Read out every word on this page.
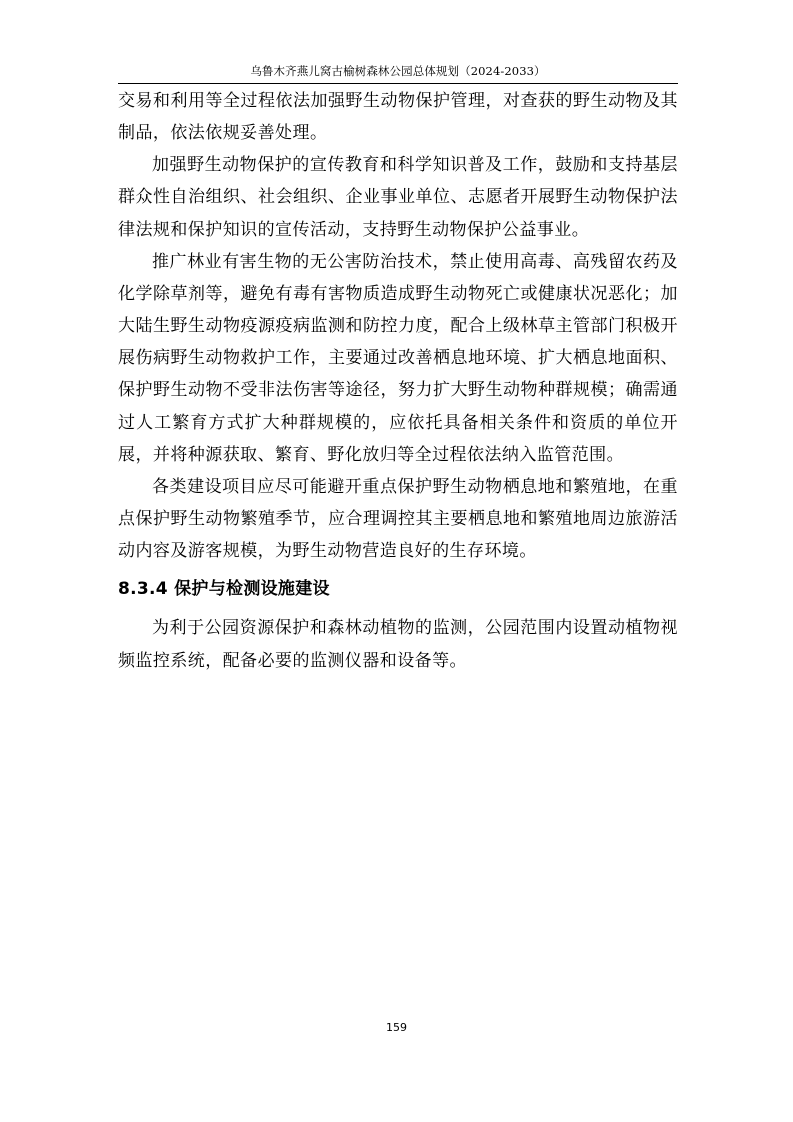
乌鲁木齐燕儿窝古榆树森林公园总体规划（2024-2033）

交易和利用等全过程依法加强野生动物保护管理，对查获的野生动物及其制品，依法依规妥善处理。

加强野生动物保护的宣传教育和科学知识普及工作，鼓励和支持基层群众性自治组织、社会组织、企业事业单位、志愿者开展野生动物保护法律法规和保护知识的宣传活动，支持野生动物保护公益事业。

推广林业有害生物的无公害防治技术，禁止使用高毒、高残留农药及化学除草剂等，避免有毒有害物质造成野生动物死亡或健康状况恶化；加大陆生野生动物疫源疫病监测和防控力度，配合上级林草主管部门积极开展伤病野生动物救护工作，主要通过改善栖息地环境、扩大栖息地面积、保护野生动物不受非法伤害等途径，努力扩大野生动物种群规模；确需通过人工繁育方式扩大种群规模的，应依托具备相关条件和资质的单位开展，并将种源获取、繁育、野化放归等全过程依法纳入监管范围。

各类建设项目应尽可能避开重点保护野生动物栖息地和繁殖地，在重点保护野生动物繁殖季节，应合理调控其主要栖息地和繁殖地周边旅游活动内容及游客规模，为野生动物营造良好的生存环境。

8.3.4 保护与检测设施建设

为利于公园资源保护和森林动植物的监测，公园范围内设置动植物视频监控系统，配备必要的监测仪器和设备等。

159
